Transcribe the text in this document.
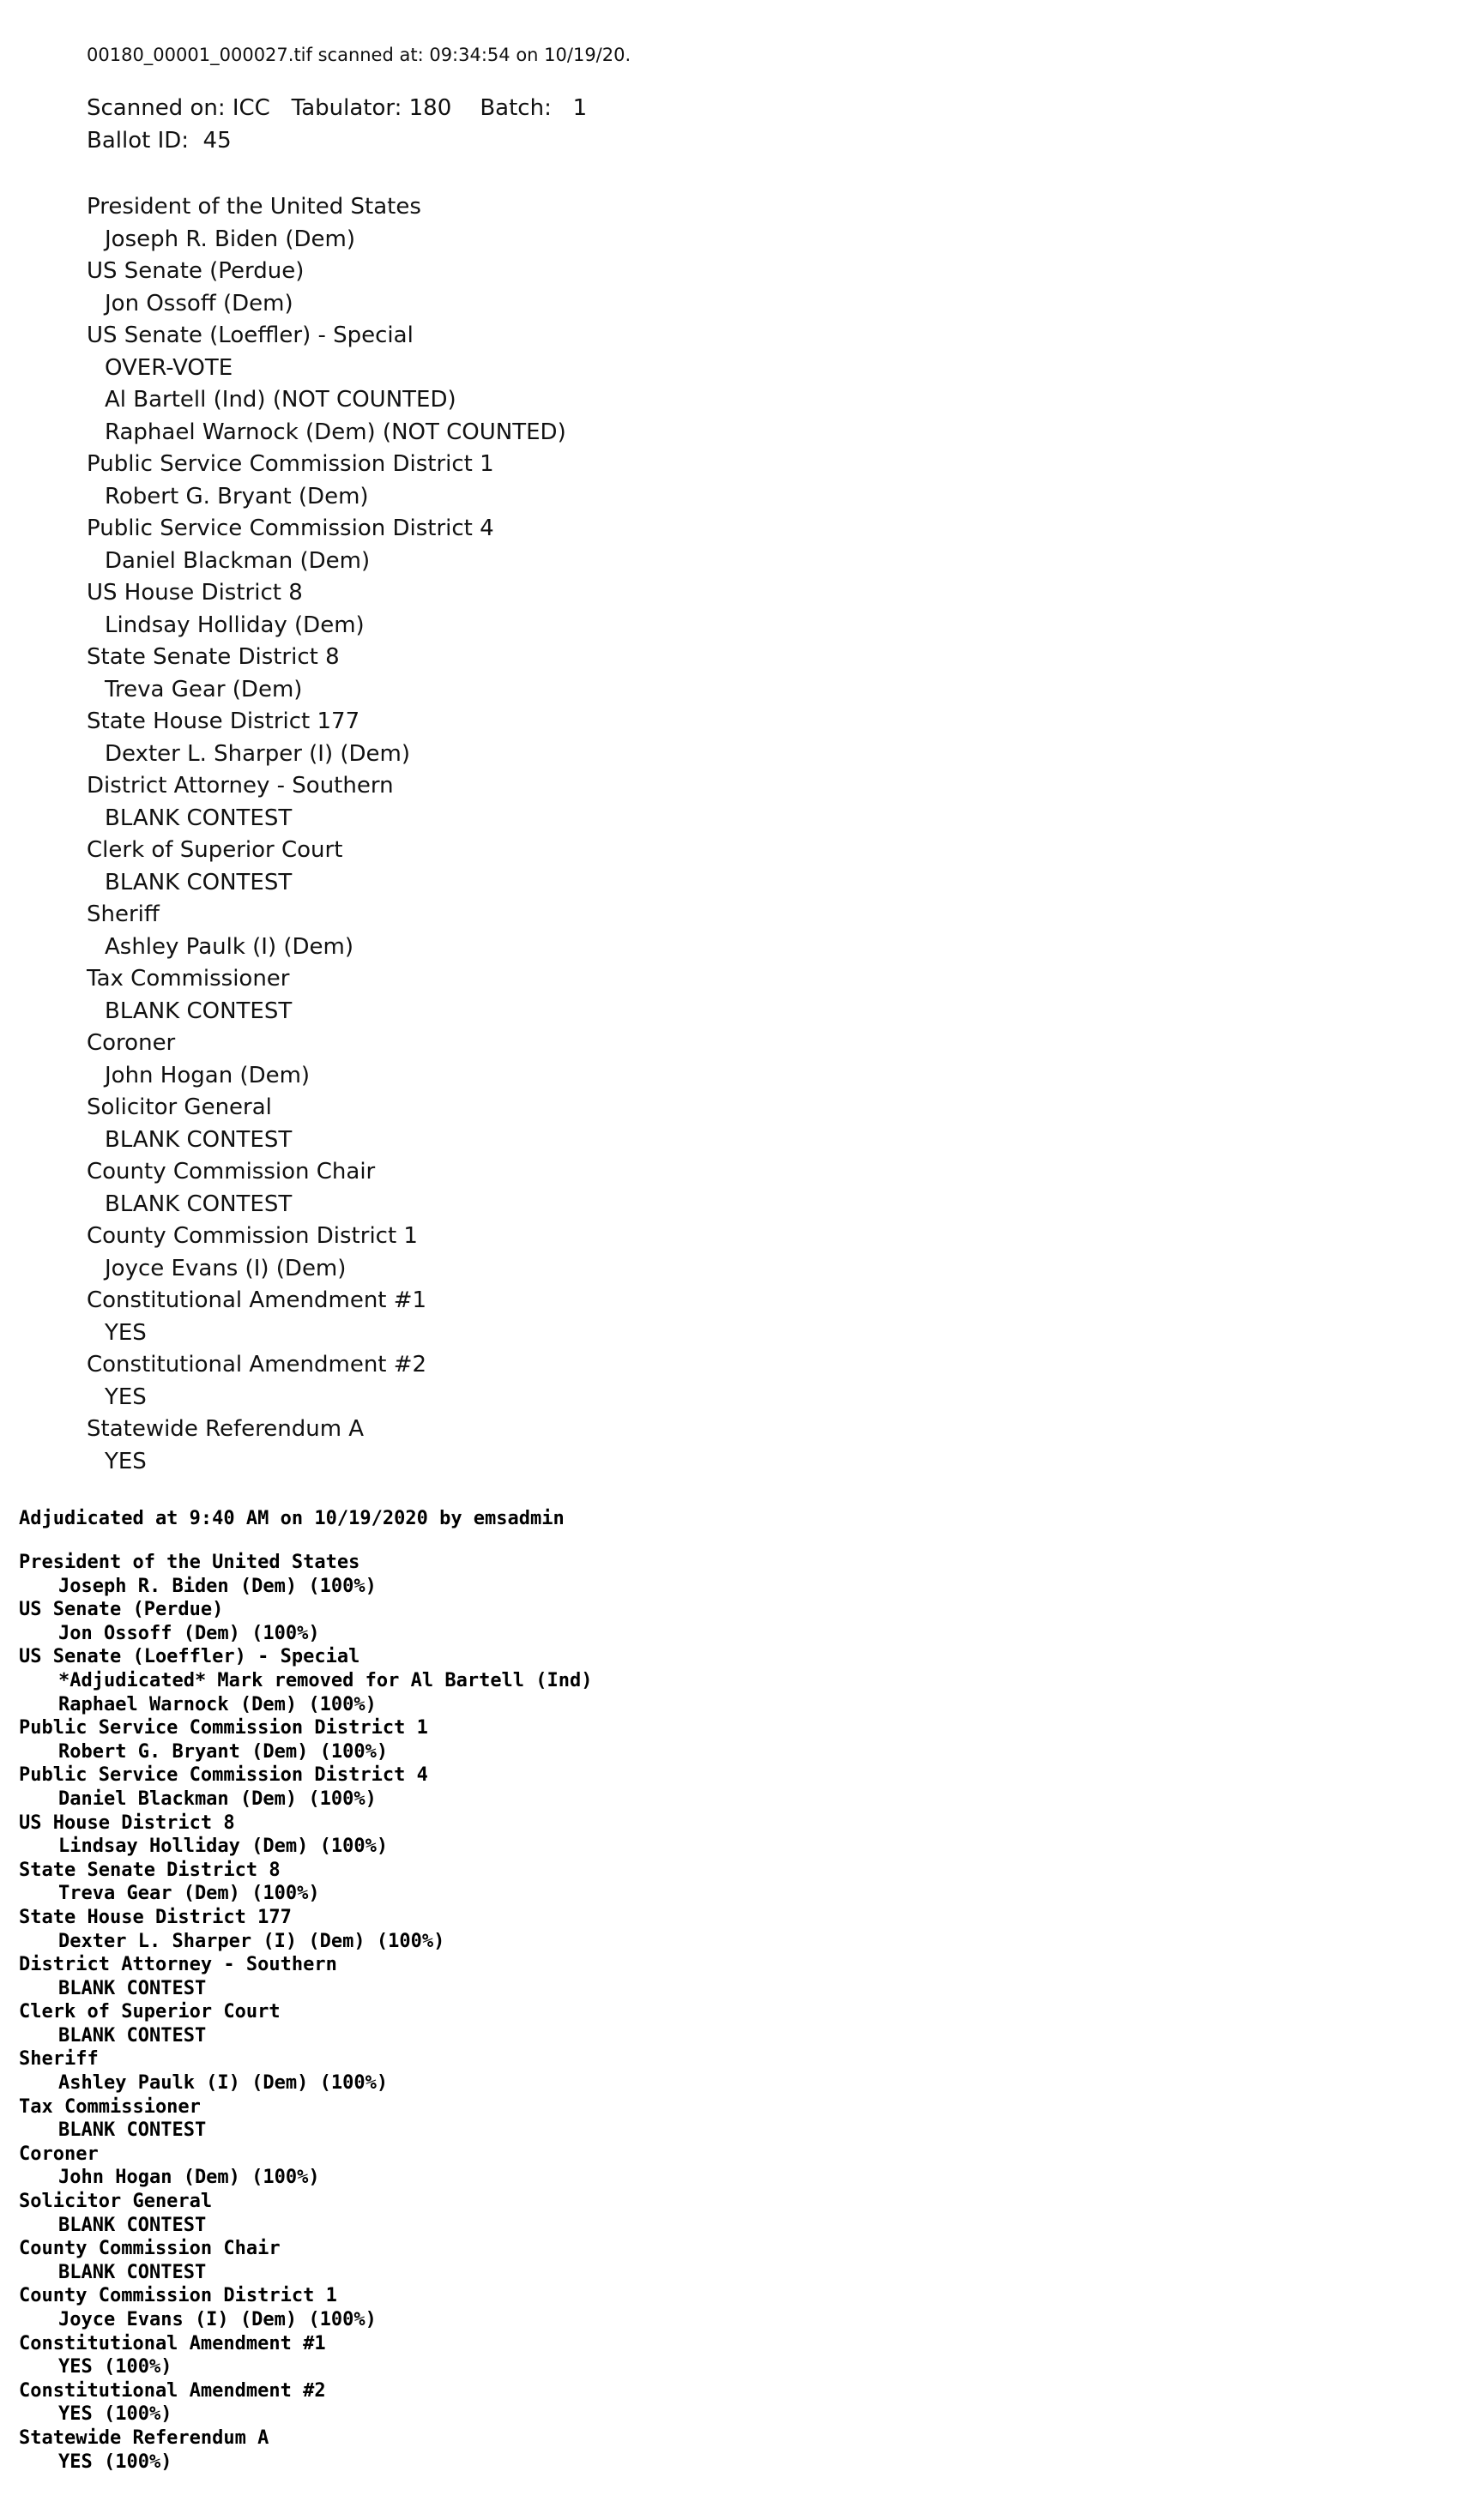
00180_00001_000027.tif scanned at: 09:34:54 on 10/19/20.
Scanned on: ICC   Tabulator: 180    Batch:   1
Ballot ID:  45
President of the United States
Joseph R. Biden (Dem)
US Senate (Perdue)
Jon Ossoff (Dem)
US Senate (Loeffler) - Special
OVER-VOTE
Al Bartell (Ind) (NOT COUNTED)
Raphael Warnock (Dem) (NOT COUNTED)
Public Service Commission District 1
Robert G. Bryant (Dem)
Public Service Commission District 4
Daniel Blackman (Dem)
US House District 8
Lindsay Holliday (Dem)
State Senate District 8
Treva Gear (Dem)
State House District 177
Dexter L. Sharper (I) (Dem)
District Attorney - Southern
BLANK CONTEST
Clerk of Superior Court
BLANK CONTEST
Sheriff
Ashley Paulk (I) (Dem)
Tax Commissioner
BLANK CONTEST
Coroner
John Hogan (Dem)
Solicitor General
BLANK CONTEST
County Commission Chair
BLANK CONTEST
County Commission District 1
Joyce Evans (I) (Dem)
Constitutional Amendment #1
YES
Constitutional Amendment #2
YES
Statewide Referendum A
YES
Adjudicated at 9:40 AM on 10/19/2020 by emsadmin
President of the United States
Joseph R. Biden (Dem) (100%)
US Senate (Perdue)
Jon Ossoff (Dem) (100%)
US Senate (Loeffler) - Special
*Adjudicated* Mark removed for Al Bartell (Ind)
Raphael Warnock (Dem) (100%)
Public Service Commission District 1
Robert G. Bryant (Dem) (100%)
Public Service Commission District 4
Daniel Blackman (Dem) (100%)
US House District 8
Lindsay Holliday (Dem) (100%)
State Senate District 8
Treva Gear (Dem) (100%)
State House District 177
Dexter L. Sharper (I) (Dem) (100%)
District Attorney - Southern
BLANK CONTEST
Clerk of Superior Court
BLANK CONTEST
Sheriff
Ashley Paulk (I) (Dem) (100%)
Tax Commissioner
BLANK CONTEST
Coroner
John Hogan (Dem) (100%)
Solicitor General
BLANK CONTEST
County Commission Chair
BLANK CONTEST
County Commission District 1
Joyce Evans (I) (Dem) (100%)
Constitutional Amendment #1
YES (100%)
Constitutional Amendment #2
YES (100%)
Statewide Referendum A
YES (100%)
